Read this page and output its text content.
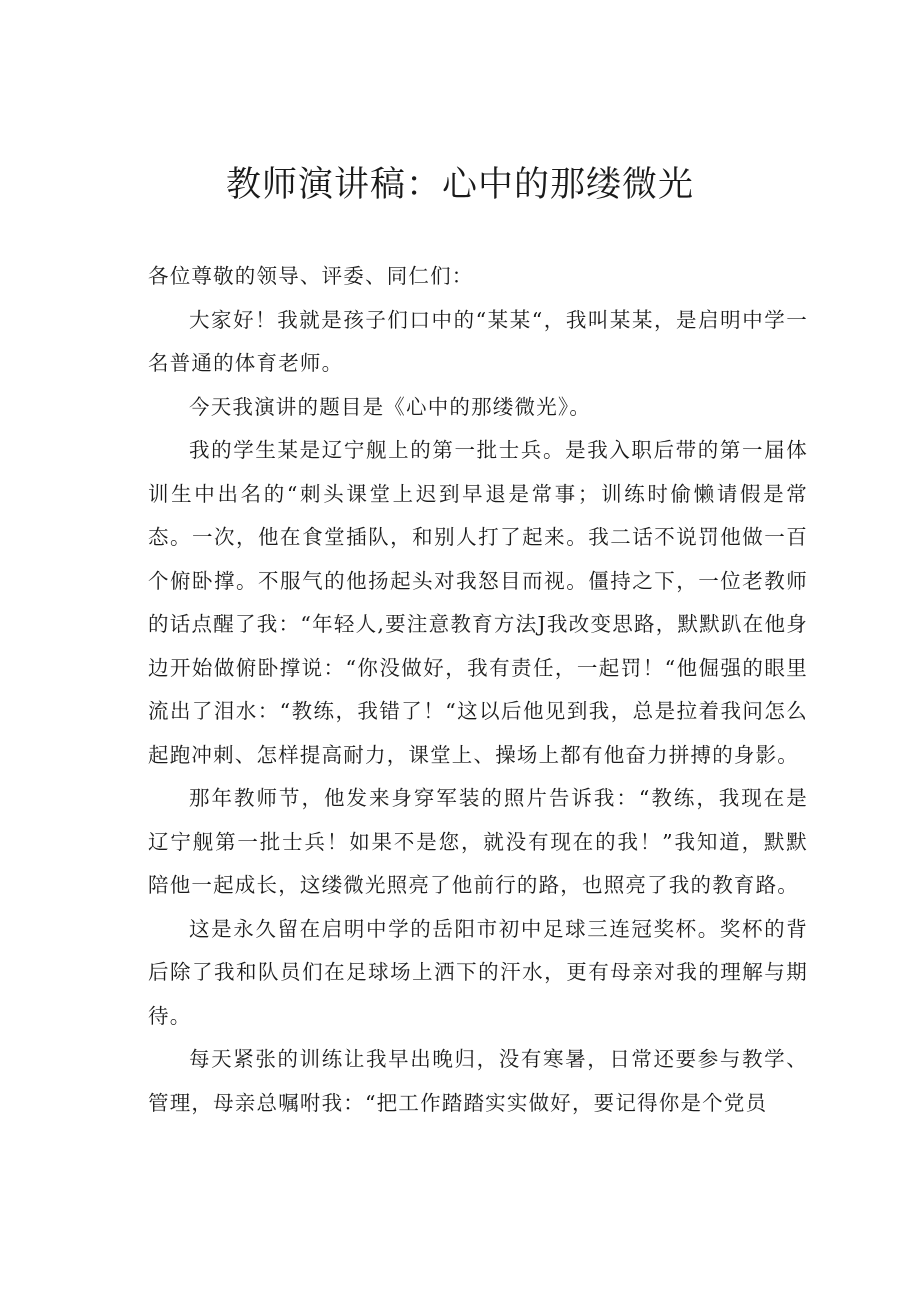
教师演讲稿：心中的那缕微光

各位尊敬的领导、评委、同仁们：

大家好！我就是孩子们口中的“某某“，我叫某某，是启明中学一名普通的体育老师。

今天我演讲的题目是《心中的那缕微光》。

我的学生某是辽宁舰上的第一批士兵。是我入职后带的第一届体训生中出名的“刺头课堂上迟到早退是常事；训练时偷懒请假是常态。一次，他在食堂插队，和别人打了起来。我二话不说罚他做一百个俯卧撑。不服气的他扬起头对我怒目而视。僵持之下，一位老教师的话点醒了我：“年轻人,要注意教育方法J我改变思路，默默趴在他身边开始做俯卧撑说：“你没做好，我有责任，一起罚！“他倔强的眼里流出了泪水：“教练，我错了！“这以后他见到我，总是拉着我问怎么起跑冲刺、怎样提高耐力，课堂上、操场上都有他奋力拼搏的身影。

那年教师节，他发来身穿军装的照片告诉我：“教练，我现在是辽宁舰第一批士兵！如果不是您，就没有现在的我！”我知道，默默陪他一起成长，这缕微光照亮了他前行的路，也照亮了我的教育路。

这是永久留在启明中学的岳阳市初中足球三连冠奖杯。奖杯的背后除了我和队员们在足球场上洒下的汗水，更有母亲对我的理解与期待。

每天紧张的训练让我早出晚归，没有寒暑，日常还要参与教学、管理，母亲总嘱咐我：“把工作踏踏实实做好，要记得你是个党员
